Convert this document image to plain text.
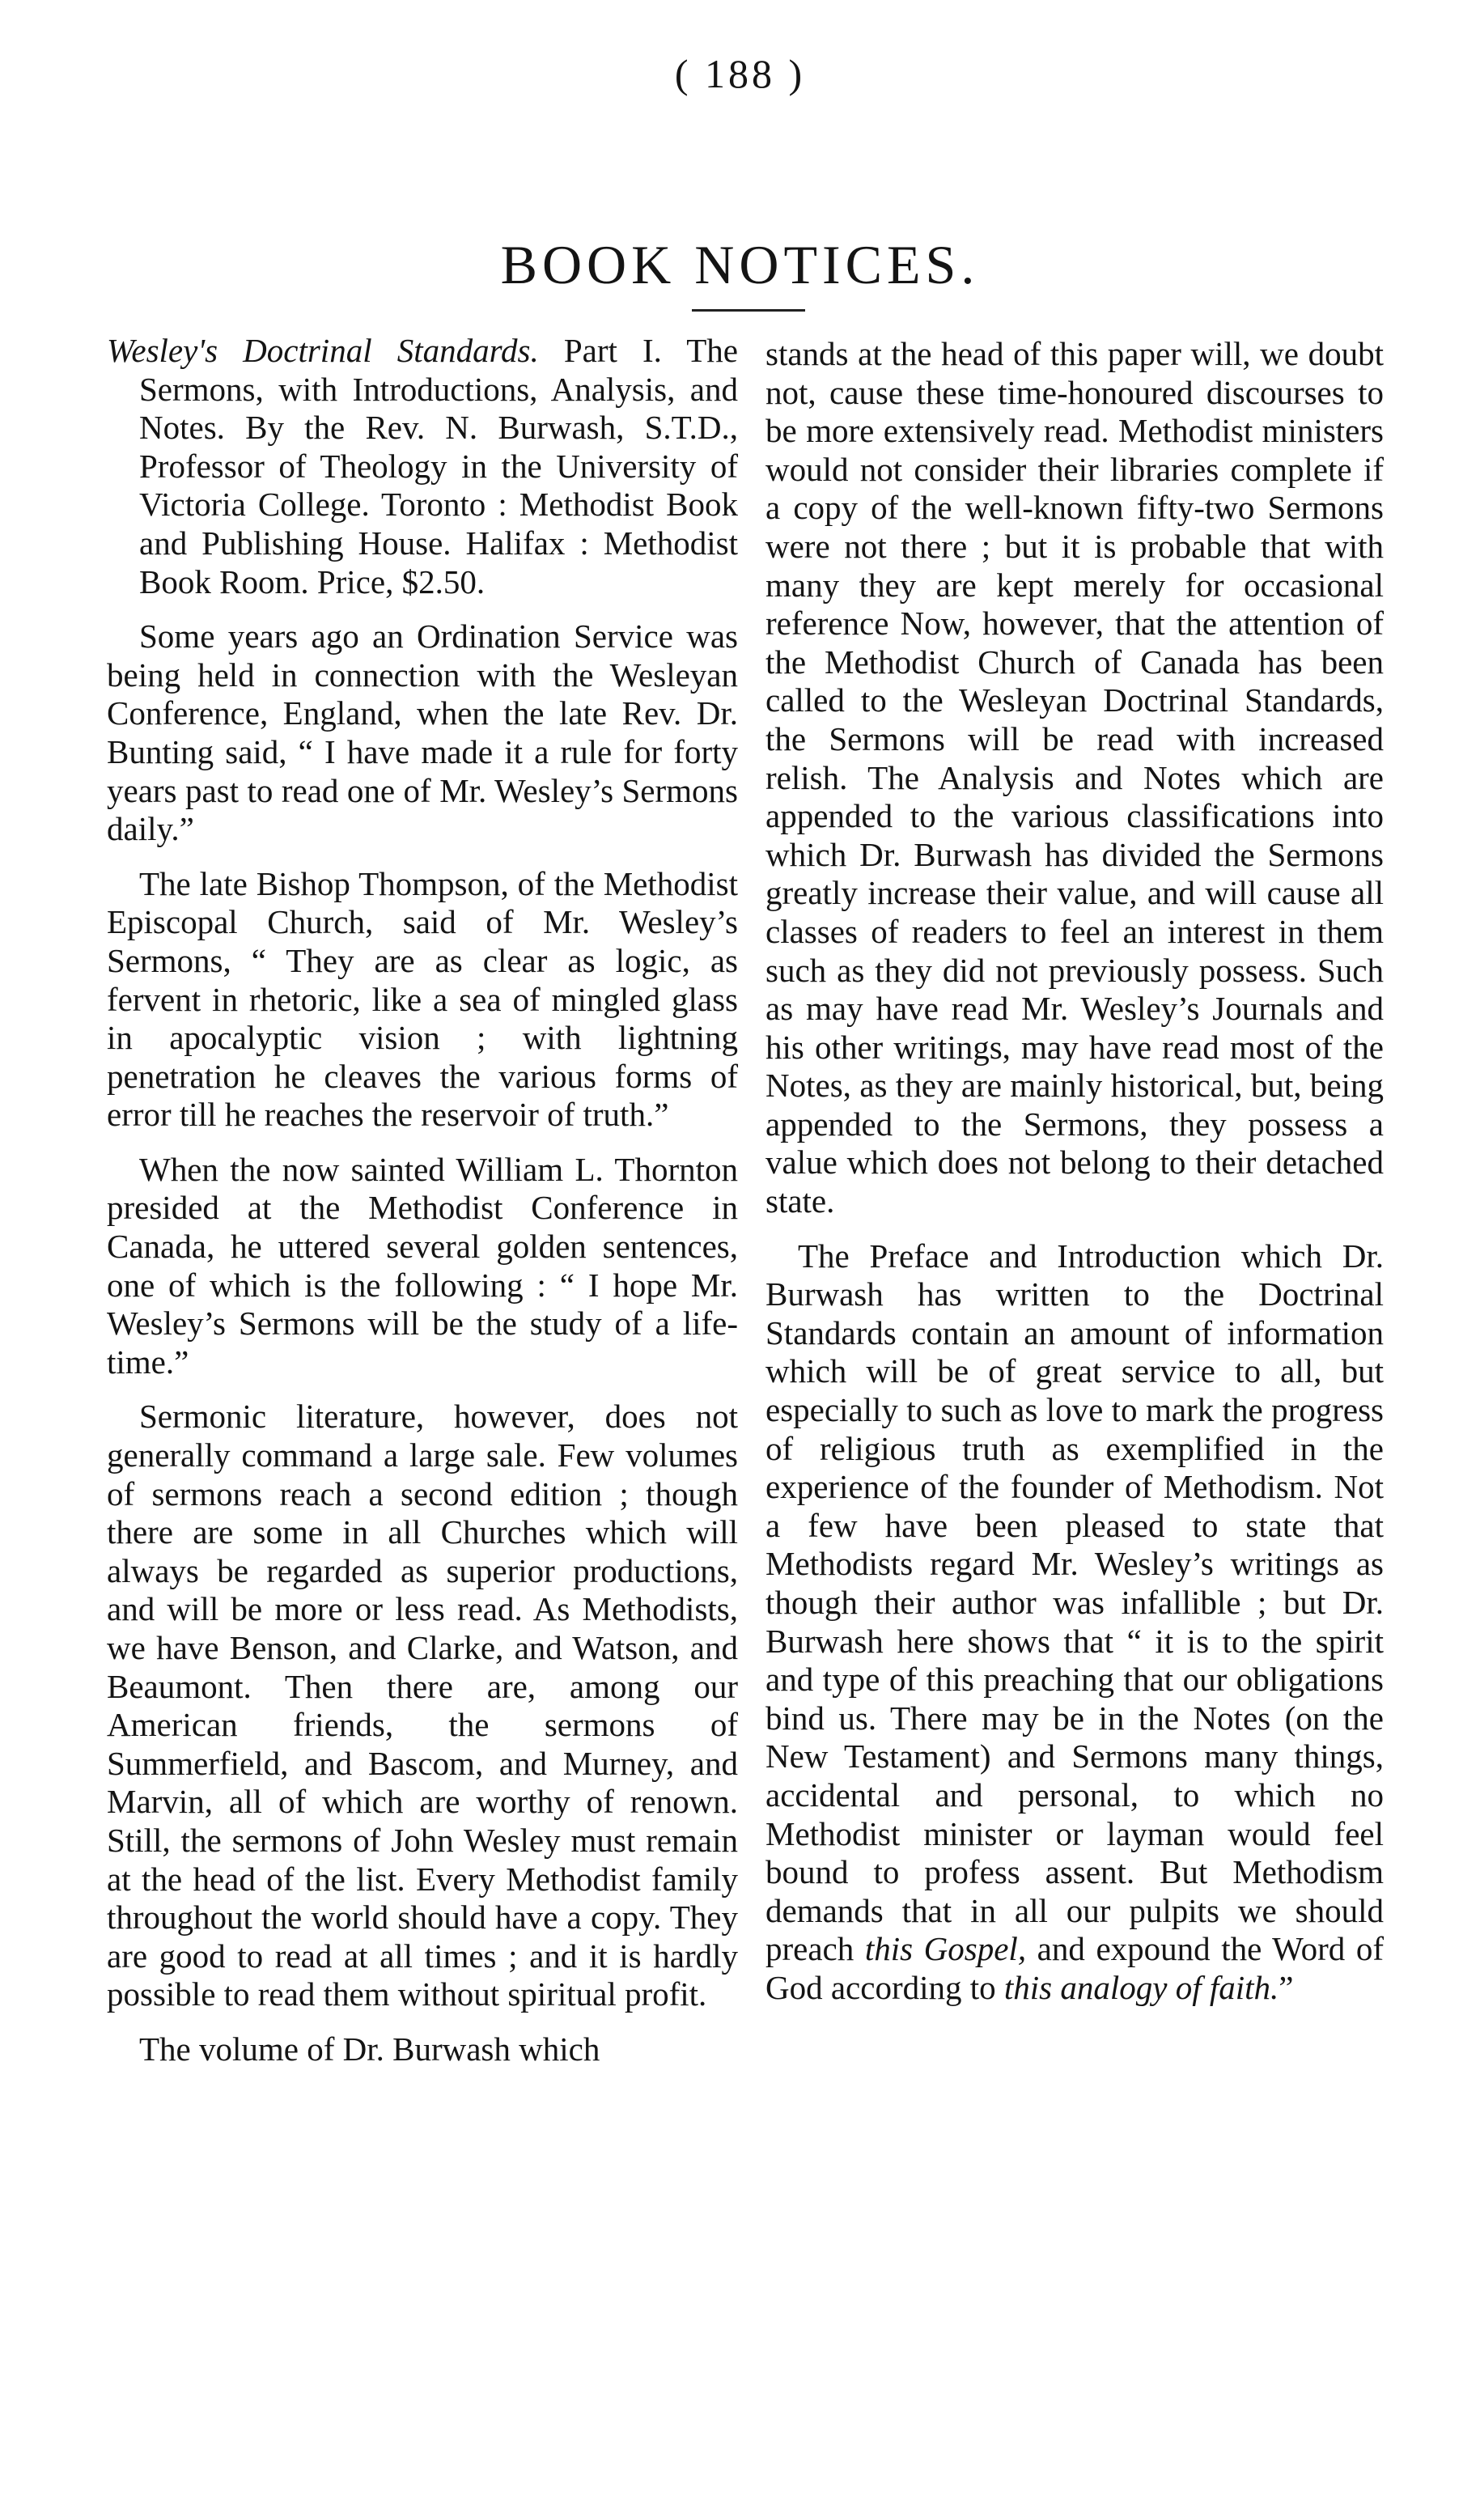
( 188 )
BOOK NOTICES.

Wesley's Doctrinal Standards. Part I. The Sermons, with Introductions, Analysis, and Notes. By the Rev. N. Burwash, S.T.D., Professor of Theology in the University of Victoria College. Toronto : Methodist Book and Publishing House. Halifax : Methodist Book Room. Price, $2.50.

Some years ago an Ordination Service was being held in connection with the Wesleyan Conference, England, when the late Rev. Dr. Bunting said, “ I have made it a rule for forty years past to read one of Mr. Wesley’s Sermons daily.”

The late Bishop Thompson, of the Methodist Episcopal Church, said of Mr. Wesley’s Sermons, “ They are as clear as logic, as fervent in rhetoric, like a sea of mingled glass in apocalyptic vision ; with lightning penetration he cleaves the various forms of error till he reaches the reservoir of truth.”

When the now sainted William L. Thornton presided at the Methodist Conference in Canada, he uttered several golden sentences, one of which is the following : “ I hope Mr. Wesley’s Sermons will be the study of a life-time.”

Sermonic literature, however, does not generally command a large sale. Few volumes of sermons reach a second edition ; though there are some in all Churches which will always be regarded as superior productions, and will be more or less read. As Methodists, we have Benson, and Clarke, and Watson, and Beaumont. Then there are, among our American friends, the sermons of Summerfield, and Bascom, and Murney, and Marvin, all of which are worthy of renown. Still, the sermons of John Wesley must remain at the head of the list. Every Methodist family throughout the world should have a copy. They are good to read at all times ; and it is hardly possible to read them without spiritual profit.

The volume of Dr. Burwash which

stands at the head of this paper will, we doubt not, cause these time-honoured discourses to be more extensively read. Methodist ministers would not consider their libraries complete if a copy of the well-known fifty-two Sermons were not there ; but it is probable that with many they are kept merely for occasional reference Now, however, that the attention of the Methodist Church of Canada has been called to the Wesleyan Doctrinal Standards, the Sermons will be read with increased relish. The Analysis and Notes which are appended to the various classifications into which Dr. Burwash has divided the Sermons greatly increase their value, and will cause all classes of readers to feel an interest in them such as they did not previously possess. Such as may have read Mr. Wesley’s Journals and his other writings, may have read most of the Notes, as they are mainly historical, but, being appended to the Sermons, they possess a value which does not belong to their detached state.

The Preface and Introduction which Dr. Burwash has written to the Doctrinal Standards contain an amount of information which will be of great service to all, but especially to such as love to mark the progress of religious truth as exemplified in the experience of the founder of Methodism. Not a few have been pleased to state that Methodists regard Mr. Wesley’s writings as though their author was infallible ; but Dr. Burwash here shows that “ it is to the spirit and type of this preaching that our obligations bind us. There may be in the Notes (on the New Testament) and Sermons many things, accidental and personal, to which no Methodist minister or layman would feel bound to profess assent. But Methodism demands that in all our pulpits we should preach this Gospel, and expound the Word of God according to this analogy of faith.”
